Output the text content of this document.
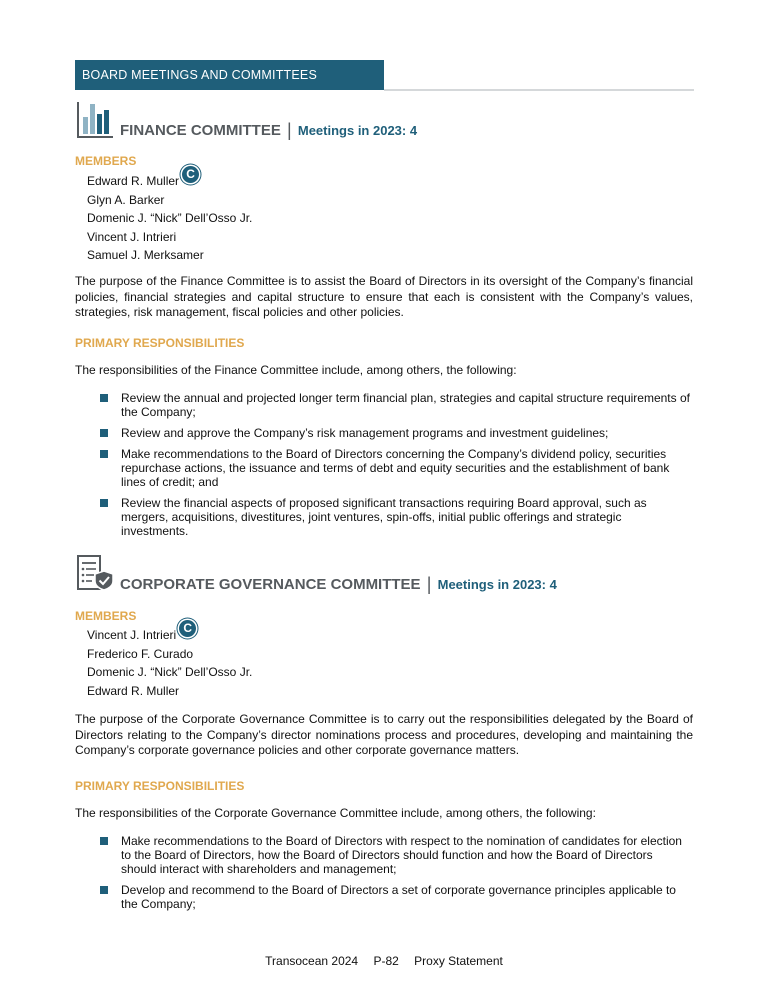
BOARD MEETINGS AND COMMITTEES
FINANCE COMMITTEE | Meetings in 2023: 4
MEMBERS
Edward R. Muller C
Glyn A. Barker
Domenic J. “Nick” Dell’Osso Jr.
Vincent J. Intrieri
Samuel J. Merksamer

The purpose of the Finance Committee is to assist the Board of Directors in its oversight of the Company’s financial policies, financial strategies and capital structure to ensure that each is consistent with the Company’s values, strategies, risk management, fiscal policies and other policies.

PRIMARY RESPONSIBILITIES

The responsibilities of the Finance Committee include, among others, the following:

Review the annual and projected longer term financial plan, strategies and capital structure requirements of the Company;
Review and approve the Company’s risk management programs and investment guidelines;
Make recommendations to the Board of Directors concerning the Company’s dividend policy, securities repurchase actions, the issuance and terms of debt and equity securities and the establishment of bank lines of credit; and
Review the financial aspects of proposed significant transactions requiring Board approval, such as mergers, acquisitions, divestitures, joint ventures, spin-offs, initial public offerings and strategic investments.
CORPORATE GOVERNANCE COMMITTEE | Meetings in 2023: 4
MEMBERS
Vincent J. Intrieri C
Frederico F. Curado
Domenic J. “Nick” Dell’Osso Jr.
Edward R. Muller

The purpose of the Corporate Governance Committee is to carry out the responsibilities delegated by the Board of Directors relating to the Company’s director nominations process and procedures, developing and maintaining the Company’s corporate governance policies and other corporate governance matters.

PRIMARY RESPONSIBILITIES

The responsibilities of the Corporate Governance Committee include, among others, the following:

Make recommendations to the Board of Directors with respect to the nomination of candidates for election to the Board of Directors, how the Board of Directors should function and how the Board of Directors should interact with shareholders and management;
Develop and recommend to the Board of Directors a set of corporate governance principles applicable to the Company;
Transocean 2024 P-82 Proxy Statement
